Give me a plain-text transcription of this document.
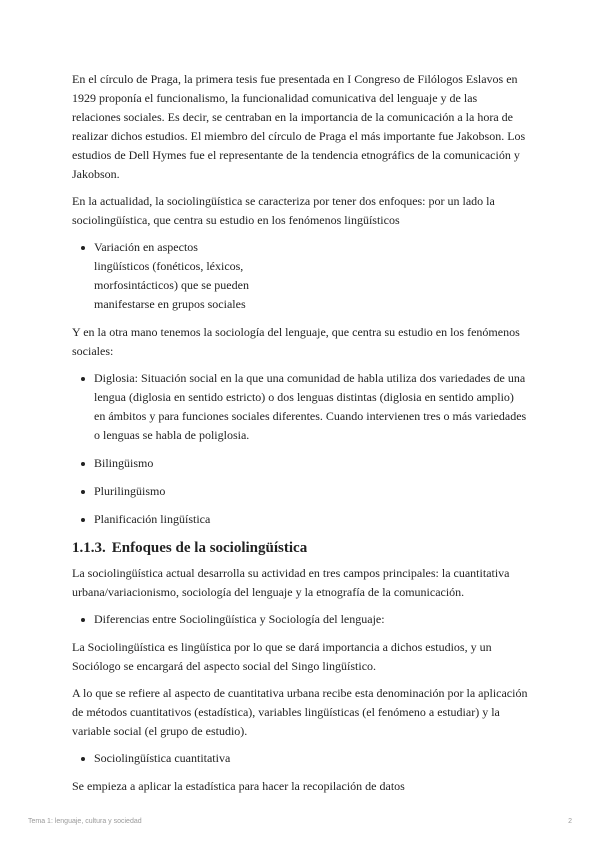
En el círculo de Praga, la primera tesis fue presentada en I Congreso de Filólogos Eslavos en 1929 proponía el funcionalismo, la funcionalidad comunicativa del lenguaje y de las relaciones sociales. Es decir, se centraban en la importancia de la comunicación a la hora de realizar dichos estudios. El miembro del círculo de Praga el más importante fue Jakobson. Los estudios de Dell Hymes fue el representante de la tendencia etnográfics de la comunicación y Jakobson.

En la actualidad, la sociolingüística se caracteriza por tener dos enfoques: por un lado la sociolingüística, que centra su estudio en los fenómenos lingüísticos

Variación en aspectos lingüísticos (fonéticos, léxicos, morfosintácticos) que se pueden manifestarse en grupos sociales

Y en la otra mano tenemos la sociología del lenguaje, que centra su estudio en los fenómenos sociales:

Diglosia: Situación social en la que una comunidad de habla utiliza dos variedades de una lengua (diglosia en sentido estricto) o dos lenguas distintas (diglosia en sentido amplio) en ámbitos y para funciones sociales diferentes. Cuando intervienen tres o más variedades o lenguas se habla de poliglosia.
Bilingüismo
Plurilingüismo
Planificación lingüística
1.1.3. Enfoques de la sociolingüística

La sociolingüística actual desarrolla su actividad en tres campos principales: la cuantitativa urbana/variacionismo, sociología del lenguaje y la etnografía de la comunicación.

Diferencias entre Sociolingüística y Sociología del lenguaje:

La Sociolingüística es lingüística por lo que se dará importancia a dichos estudios, y un Sociólogo se encargará del aspecto social del Singo lingüístico.

A lo que se refiere al aspecto de cuantitativa urbana recibe esta denominación por la aplicación de métodos cuantitativos (estadística), variables lingüísticas (el fenómeno a estudiar) y la variable social (el grupo de estudio).

Sociolingüística cuantitativa

Se empieza a aplicar la estadística para hacer la recopilación de datos

Tema 1: lenguaje, cultura y sociedad	2
